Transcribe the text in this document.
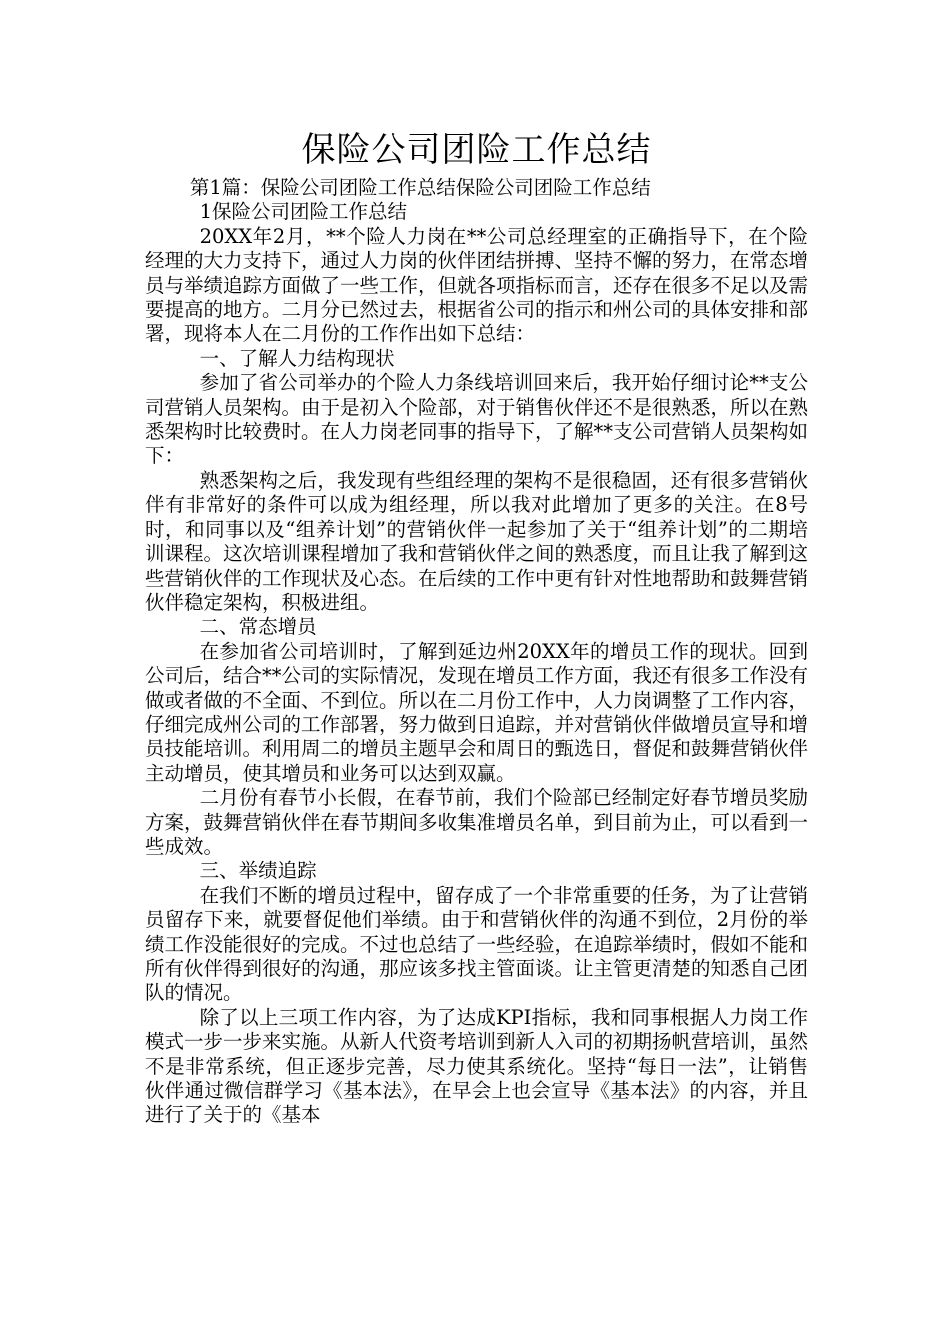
保险公司团险工作总结

第1篇：保险公司团险工作总结保险公司团险工作总结

1保险公司团险工作总结

20XX年2月，**个险人力岗在**公司总经理室的正确指导下，在个险经理的大力支持下，通过人力岗的伙伴团结拼搏、坚持不懈的努力，在常态增员与举绩追踪方面做了一些工作，但就各项指标而言，还存在很多不足以及需要提高的地方。二月分已然过去，根据省公司的指示和州公司的具体安排和部署，现将本人在二月份的工作作出如下总结：

一、了解人力结构现状

参加了省公司举办的个险人力条线培训回来后，我开始仔细讨论**支公司营销人员架构。由于是初入个险部，对于销售伙伴还不是很熟悉，所以在熟悉架构时比较费时。在人力岗老同事的指导下，了解**支公司营销人员架构如下：

熟悉架构之后，我发现有些组经理的架构不是很稳固，还有很多营销伙伴有非常好的条件可以成为组经理，所以我对此增加了更多的关注。在8号时，和同事以及“组养计划”的营销伙伴一起参加了关于“组养计划”的二期培训课程。这次培训课程增加了我和营销伙伴之间的熟悉度，而且让我了解到这些营销伙伴的工作现状及心态。在后续的工作中更有针对性地帮助和鼓舞营销伙伴稳定架构，积极进组。

二、常态增员

在参加省公司培训时，了解到延边州20XX年的增员工作的现状。回到公司后，结合**公司的实际情况，发现在增员工作方面，我还有很多工作没有做或者做的不全面、不到位。所以在二月份工作中，人力岗调整了工作内容，仔细完成州公司的工作部署，努力做到日追踪，并对营销伙伴做增员宣导和增员技能培训。利用周二的增员主题早会和周日的甄选日，督促和鼓舞营销伙伴主动增员，使其增员和业务可以达到双赢。

二月份有春节小长假，在春节前，我们个险部已经制定好春节增员奖励方案，鼓舞营销伙伴在春节期间多收集准增员名单，到目前为止，可以看到一些成效。

三、举绩追踪

在我们不断的增员过程中，留存成了一个非常重要的任务，为了让营销员留存下来，就要督促他们举绩。由于和营销伙伴的沟通不到位，2月份的举绩工作没能很好的完成。不过也总结了一些经验，在追踪举绩时，假如不能和所有伙伴得到很好的沟通，那应该多找主管面谈。让主管更清楚的知悉自己团队的情况。

除了以上三项工作内容，为了达成KPI指标，我和同事根据人力岗工作模式一步一步来实施。从新人代资考培训到新人入司的初期扬帆营培训，虽然不是非常系统，但正逐步完善，尽力使其系统化。坚持“每日一法”，让销售伙伴通过微信群学习《基本法》，在早会上也会宣导《基本法》的内容，并且进行了关于的《基本
